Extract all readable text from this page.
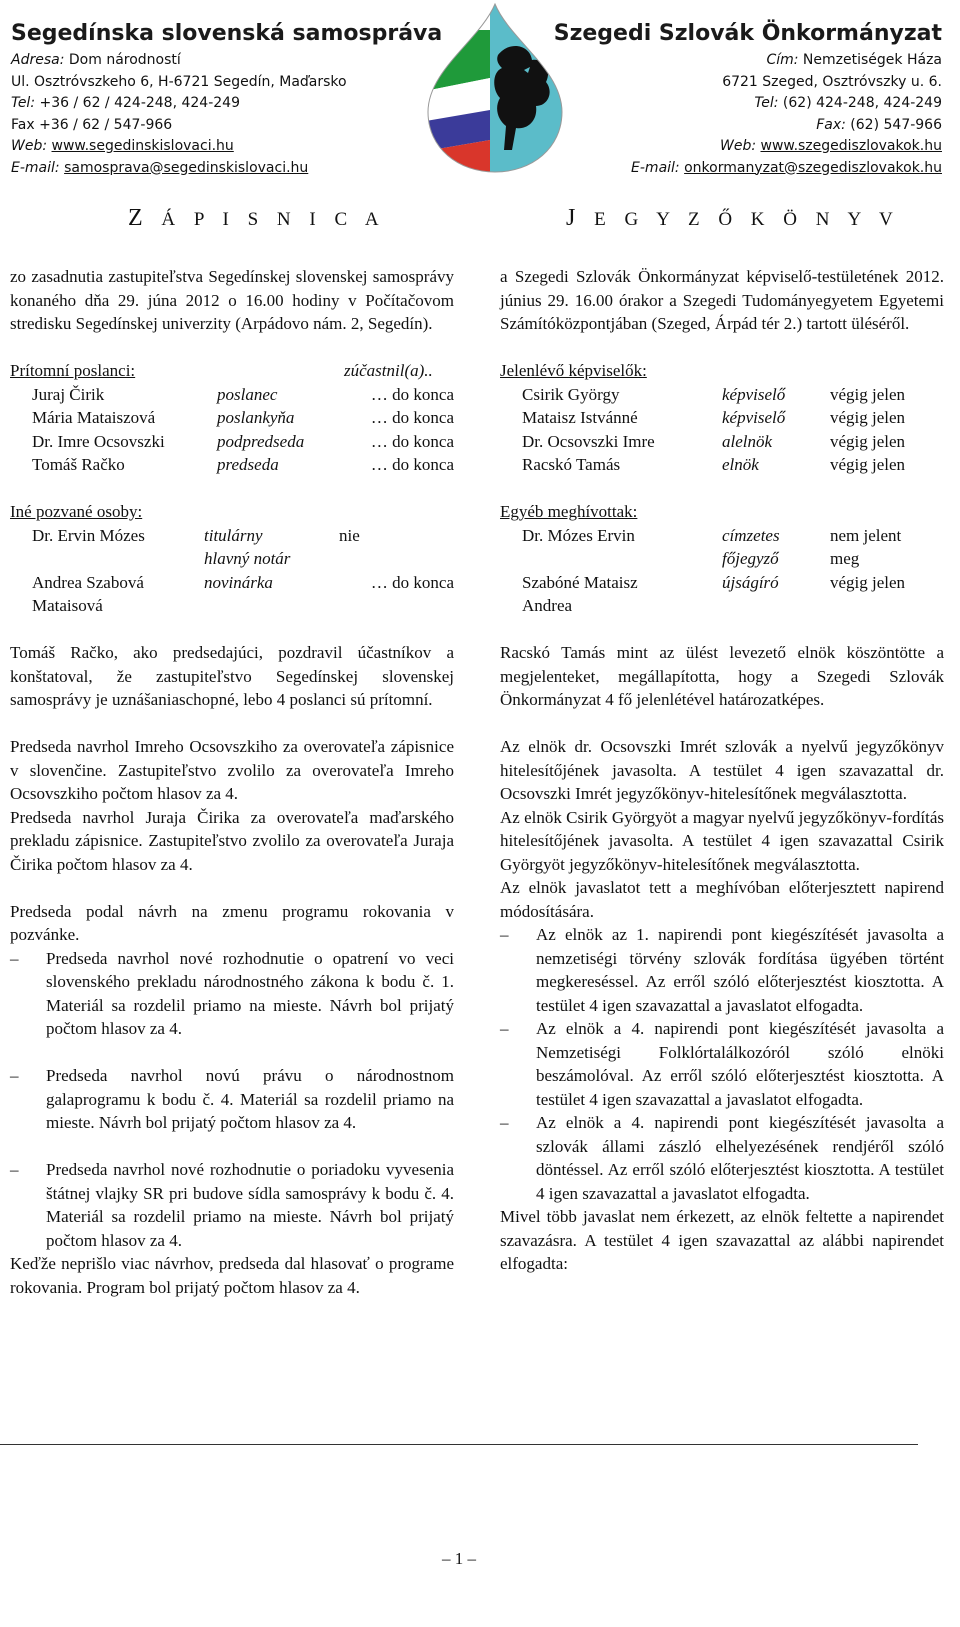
Segedínska slovenská samospráva
Adresa: Dom národností
Ul. Osztróvszkeho 6, H-6721 Segedín, Maďarsko
Tel: +36 / 62 / 424-248, 424-249
Fax +36 / 62 / 547-966
Web: www.segedinskislovaci.hu
E-mail: samosprava@segedinskislovaci.hu
Szegedi Szlovák Önkormányzat
Cím: Nemzetiségek Háza
6721 Szeged, Osztróvszky u. 6.
Tel: (62) 424-248, 424-249
Fax: (62) 547-966
Web: www.szegediszlovakok.hu
E-mail: onkormanyzat@szegediszlovakok.hu
Z Á P I S N I C A	J E G Y Z Ő K Ö N Y V
zo zasadnutia zastupiteľstva Segedínskej slovenskej samosprávy konaného dňa 29. júna 2012 o 16.00 hodiny v Počítačovom stredisku Segedínskej univerzity (Arpádovo nám. 2, Segedín).
Prítomní poslanci:	zúčastnil(a)..
Juraj Čirik	poslanec	… do konca
Mária Mataiszová	poslankyňa	… do konca
Dr. Imre Ocsovszki	podpredseda	… do konca
Tomáš Račko	predseda	… do konca
Iné pozvané osoby:
Dr. Ervin Mózes	titulárny	nie
hlavný notár
Andrea Szabová	novinárka	… do konca
Mataisová
Tomáš Račko, ako predsedajúci, pozdravil účastníkov a konštatoval, že zastupiteľstvo Segedínskej slovenskej samosprávy je uznášaniaschopné, lebo 4 poslanci sú prítomní.
Predseda navrhol Imreho Ocsovszkiho za overovateľa zápisnice v slovenčine. Zastupiteľstvo zvolilo za overovateľa Imreho Ocsovszkiho počtom hlasov za 4.
Predseda navrhol Juraja Čirika za overovateľa maďarského prekladu zápisnice. Zastupiteľstvo zvolilo za overovateľa Juraja Čirika počtom hlasov za 4.
Predseda podal návrh na zmenu programu rokovania v pozvánke.
–	Predseda navrhol nové rozhodnutie o opatrení vo veci slovenského prekladu národnostného zákona k bodu č. 1. Materiál sa rozdelil priamo na mieste. Návrh bol prijatý počtom hlasov za 4.
–	Predseda navrhol novú právu o národnostnom galaprogramu k bodu č. 4. Materiál sa rozdelil priamo na mieste. Návrh bol prijatý počtom hlasov za 4.
–	Predseda navrhol nové rozhodnutie o poriadoku vyvesenia štátnej vlajky SR pri budove sídla samosprávy k bodu č. 4. Materiál sa rozdelil priamo na mieste. Návrh bol prijatý počtom hlasov za 4.
Keďže neprišlo viac návrhov, predseda dal hlasovať o programe rokovania. Program bol prijatý počtom hlasov za 4.
a Szegedi Szlovák Önkormányzat képviselő-testületének 2012. június 29. 16.00 órakor a Szegedi Tudományegyetem Egyetemi Számítóközpontjában (Szeged, Árpád tér 2.) tartott üléséről.
Jelenlévő képviselők:
Csirik György	képviselő	végig jelen
Mataisz Istvánné	képviselő	végig jelen
Dr. Ocsovszki Imre	alelnök	végig jelen
Racskó Tamás	elnök	végig jelen
Egyéb meghívottak:
Dr. Mózes Ervin	címzetes	nem jelent
főjegyző	meg
Szabóné Mataisz	újságíró	végig jelen
Andrea
Racskó Tamás mint az ülést levezető elnök köszöntötte a megjelenteket, megállapította, hogy a Szegedi Szlovák Önkormányzat 4 fő jelenlétével határozatképes.
Az elnök dr. Ocsovszki Imrét szlovák a nyelvű jegyzőkönyv hitelesítőjének javasolta. A testület 4 igen szavazattal dr. Ocsovszki Imrét jegyzőkönyv-hitelesítőnek megválasztotta.
Az elnök Csirik Györgyöt a magyar nyelvű jegyzőkönyv-fordítás hitelesítőjének javasolta. A testület 4 igen szavazattal Csirik Györgyöt jegyzőkönyv-hitelesítőnek megválasztotta.
Az elnök javaslatot tett a meghívóban előterjesztett napirend módosítására.
–	Az elnök az 1. napirendi pont kiegészítését javasolta a nemzetiségi törvény szlovák fordítása ügyében történt megkereséssel. Az erről szóló előterjesztést kiosztotta. A testület 4 igen szavazattal a javaslatot elfogadta.
–	Az elnök a 4. napirendi pont kiegészítését javasolta a Nemzetiségi Folklórtalálkozóról szóló elnöki beszámolóval. Az erről szóló előterjesztést kiosztotta. A testület 4 igen szavazattal a javaslatot elfogadta.
–	Az elnök a 4. napirendi pont kiegészítését javasolta a szlovák állami zászló elhelyezésének rendjéről szóló döntéssel. Az erről szóló előterjesztést kiosztotta. A testület 4 igen szavazattal a javaslatot elfogadta.
Mivel több javaslat nem érkezett, az elnök feltette a napirendet szavazásra. A testület 4 igen szavazattal az alábbi napirendet elfogadta:
– 1 –
